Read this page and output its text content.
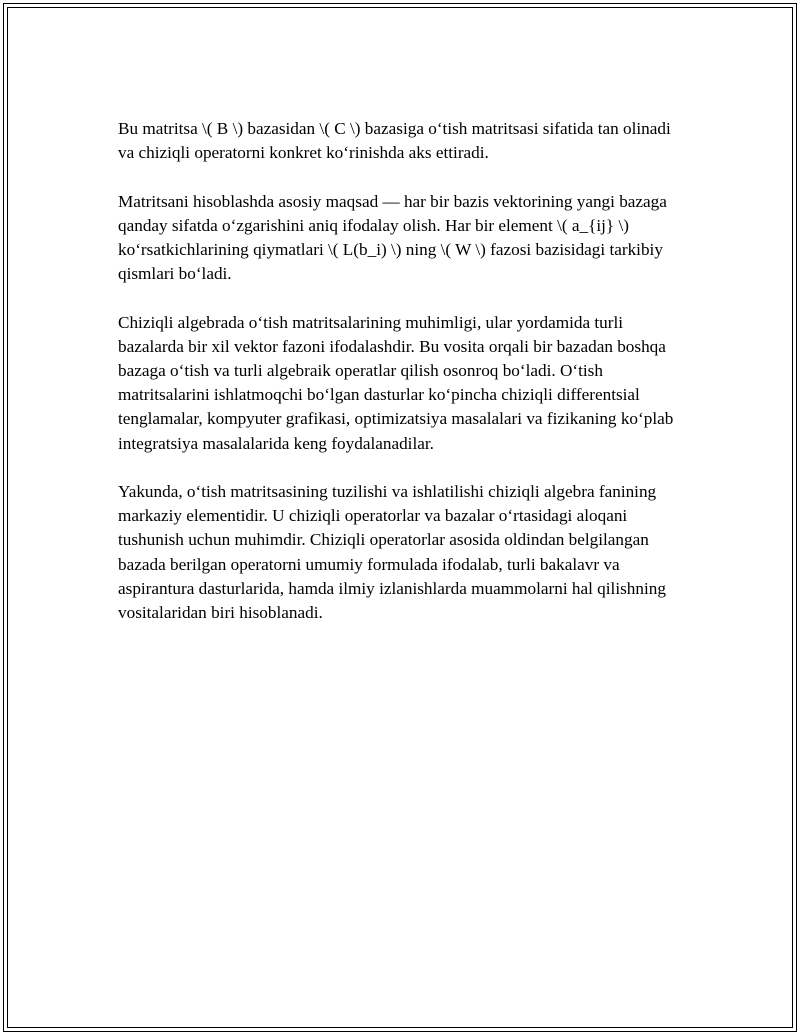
Bu matritsa \( B \) bazasidan \( C \) bazasiga o‘tish matritsasi sifatida tan olinadi va chiziqli operatorni konkret ko‘rinishda aks ettiradi.

Matritsani hisoblashda asosiy maqsad — har bir bazis vektorining yangi bazaga qanday sifatda o‘zgarishini aniq ifodalay olish. Har bir element \( a_{ij} \) ko‘rsatkichlarining qiymatlari \( L(b_i) \) ning \( W \) fazosi bazisidagi tarkibiy qismlari bo‘ladi.

Chiziqli algebrada o‘tish matritsalarining muhimligi, ular yordamida turli bazalarda bir xil vektor fazoni ifodalashdir. Bu vosita orqali bir bazadan boshqa bazaga o‘tish va turli algebraik operatlar qilish osonroq bo‘ladi. O‘tish matritsalarini ishlatmoqchi bo‘lgan dasturlar ko‘pincha chiziqli differentsial tenglamalar, kompyuter grafikasi, optimizatsiya masalalari va fizikaning ko‘plab integratsiya masalalarida keng foydalanadilar.

Yakunda, o‘tish matritsasining tuzilishi va ishlatilishi chiziqli algebra fanining markaziy elementidir. U chiziqli operatorlar va bazalar o‘rtasidagi aloqani tushunish uchun muhimdir. Chiziqli operatorlar asosida oldindan belgilangan bazada berilgan operatorni umumiy formulada ifodalab, turli bakalavr va aspirantura dasturlarida, hamda ilmiy izlanishlarda muammolarni hal qilishning vositalaridan biri hisoblanadi.
